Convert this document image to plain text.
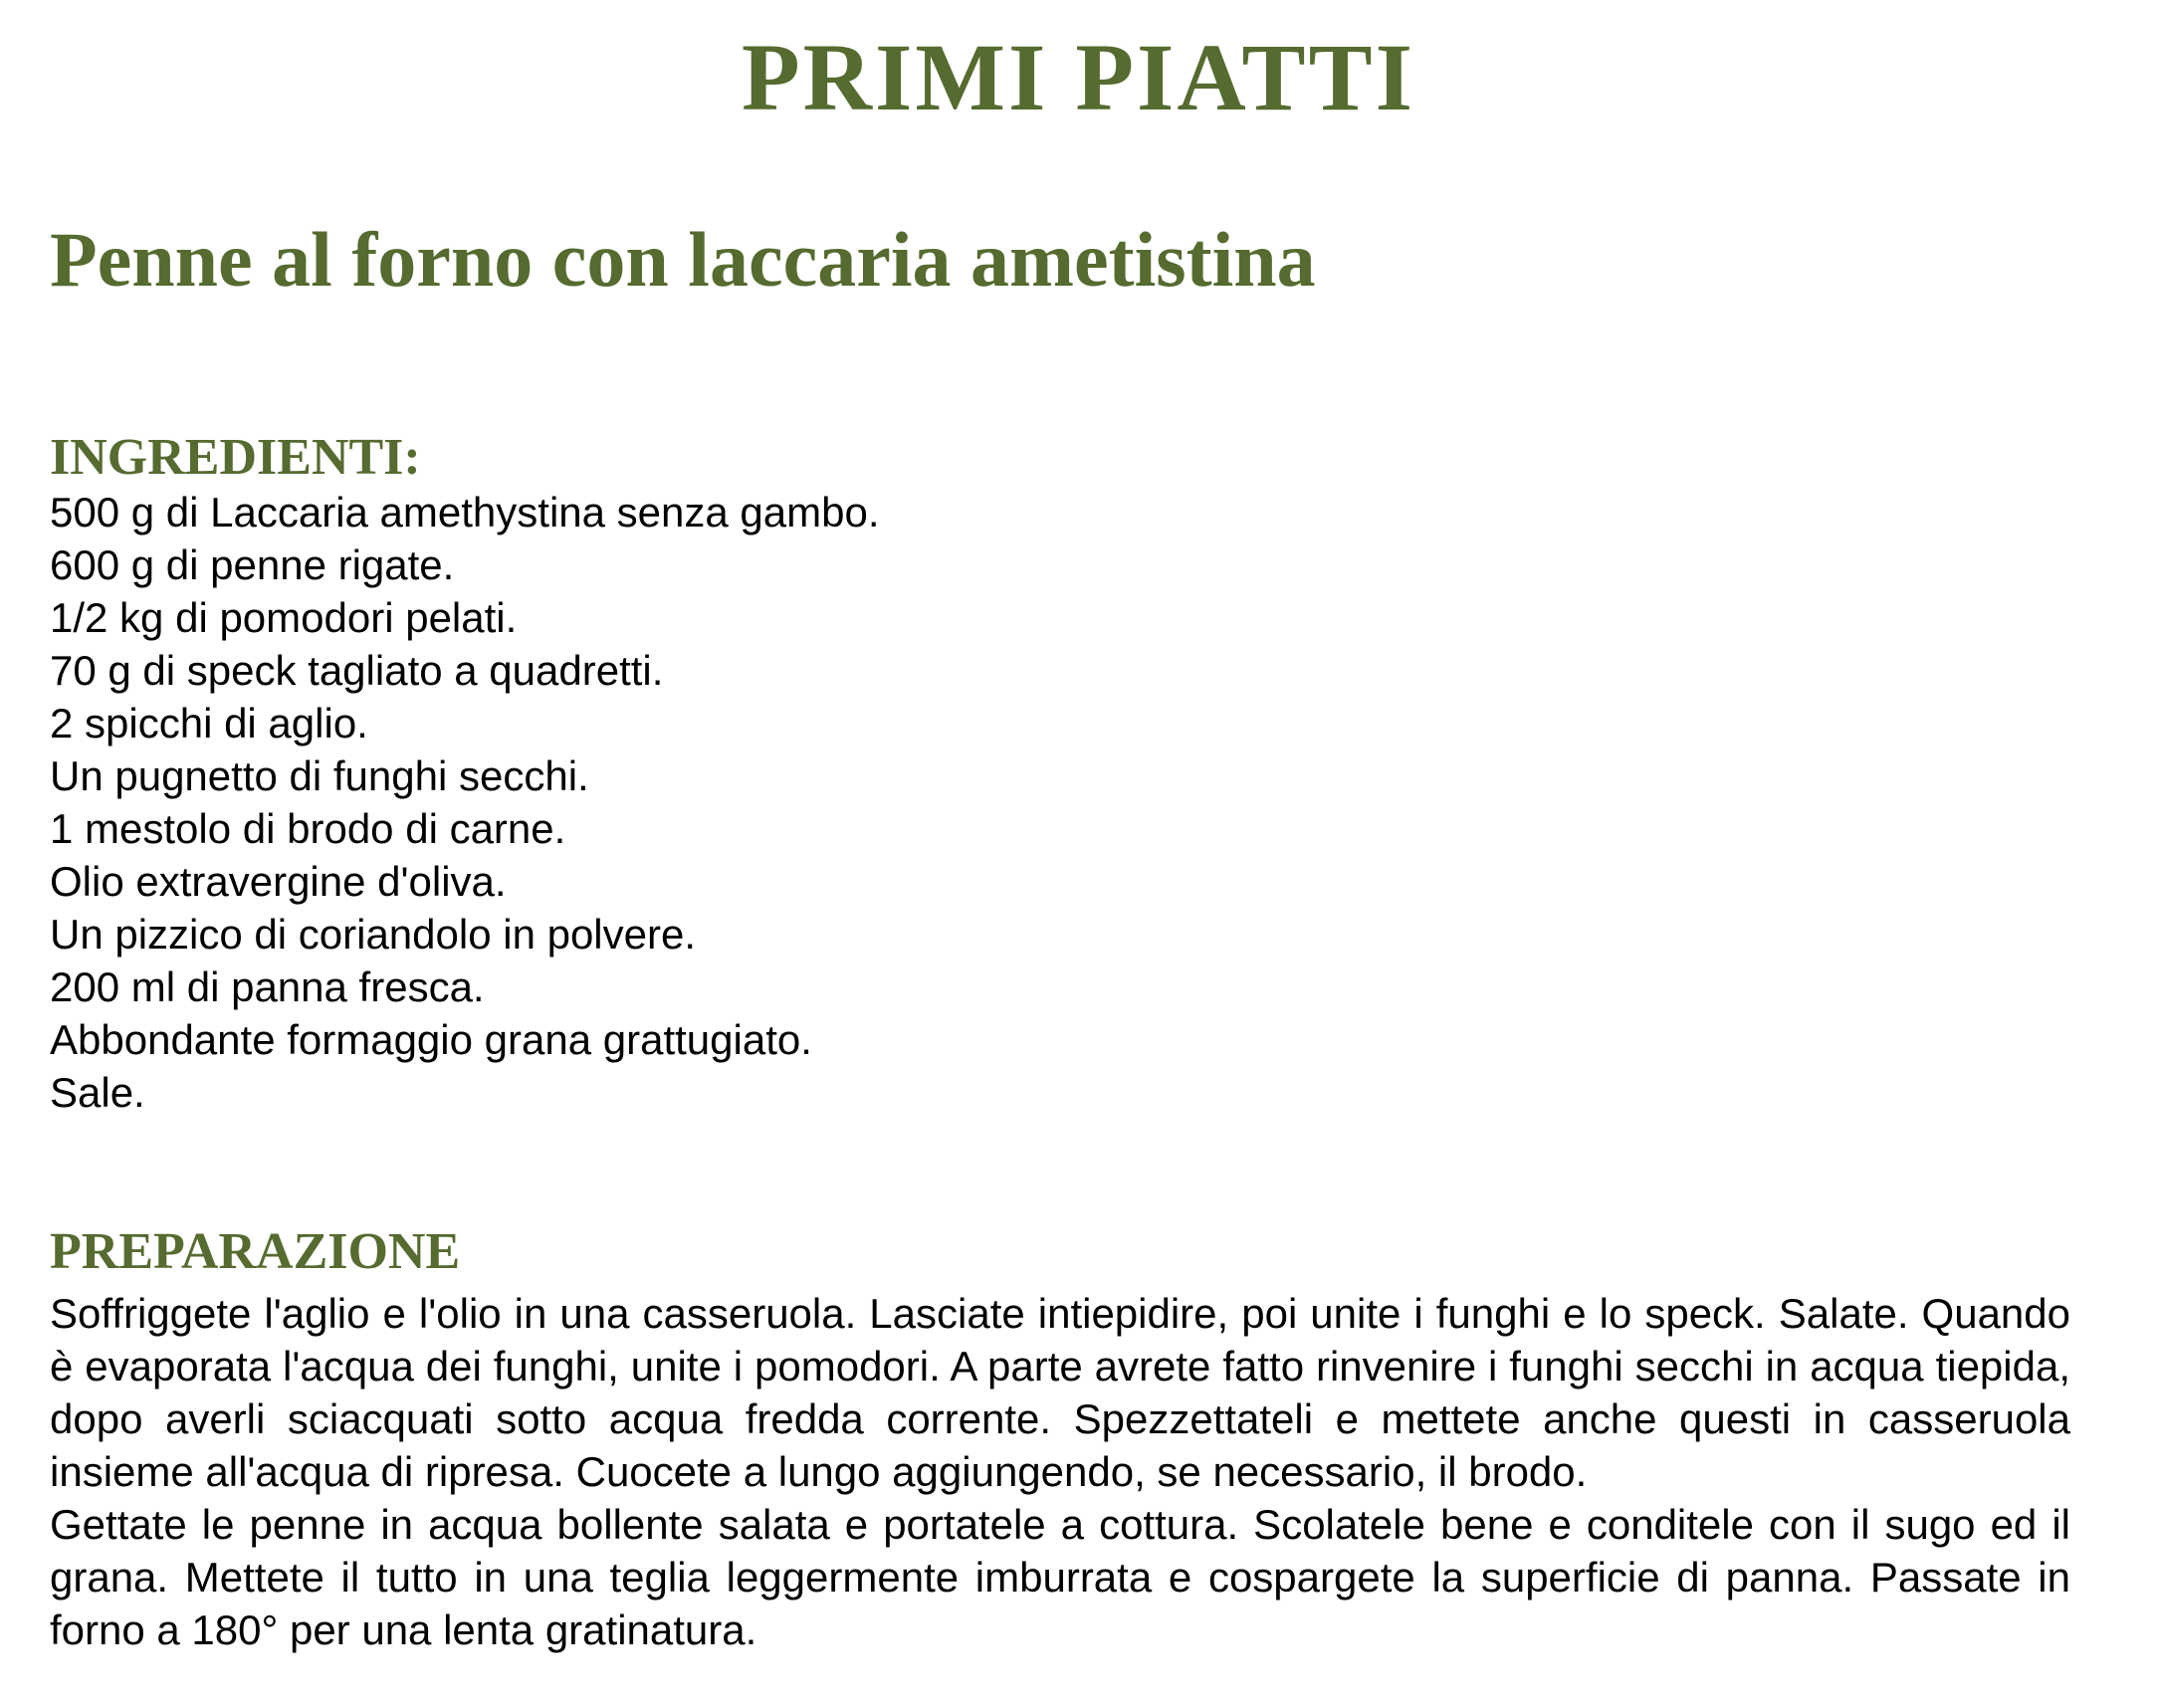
PRIMI PIATTI
Penne al forno con laccaria ametistina
INGREDIENTI:
500 g di Laccaria amethystina senza gambo.
600 g di penne rigate.
1/2 kg di pomodori pelati.
70 g di speck tagliato a quadretti.
2 spicchi di aglio.
Un pugnetto di funghi secchi.
1 mestolo di brodo di carne.
Olio extravergine d'oliva.
Un pizzico di coriandolo in polvere.
200 ml di panna fresca.
Abbondante formaggio grana grattugiato.
Sale.
PREPARAZIONE

Soffriggete l'aglio e l'olio in una casseruola. Lasciate intiepidire, poi unite i funghi e lo speck. Salate. Quando è evaporata l'acqua dei funghi, unite i pomodori. A parte avrete fatto rinvenire i funghi secchi in acqua tiepida, dopo averli sciacquati sotto acqua fredda corrente. Spezzettateli e mettete anche questi in casseruola insieme all'acqua di ripresa. Cuocete a lungo aggiungendo, se necessario, il brodo.

Gettate le penne in acqua bollente salata e portatele a cottura. Scolatele bene e conditele con il sugo ed il grana. Mettete il tutto in una teglia leggermente imburrata e cospargete la superficie di panna. Passate in forno a 180° per una lenta gratinatura.
